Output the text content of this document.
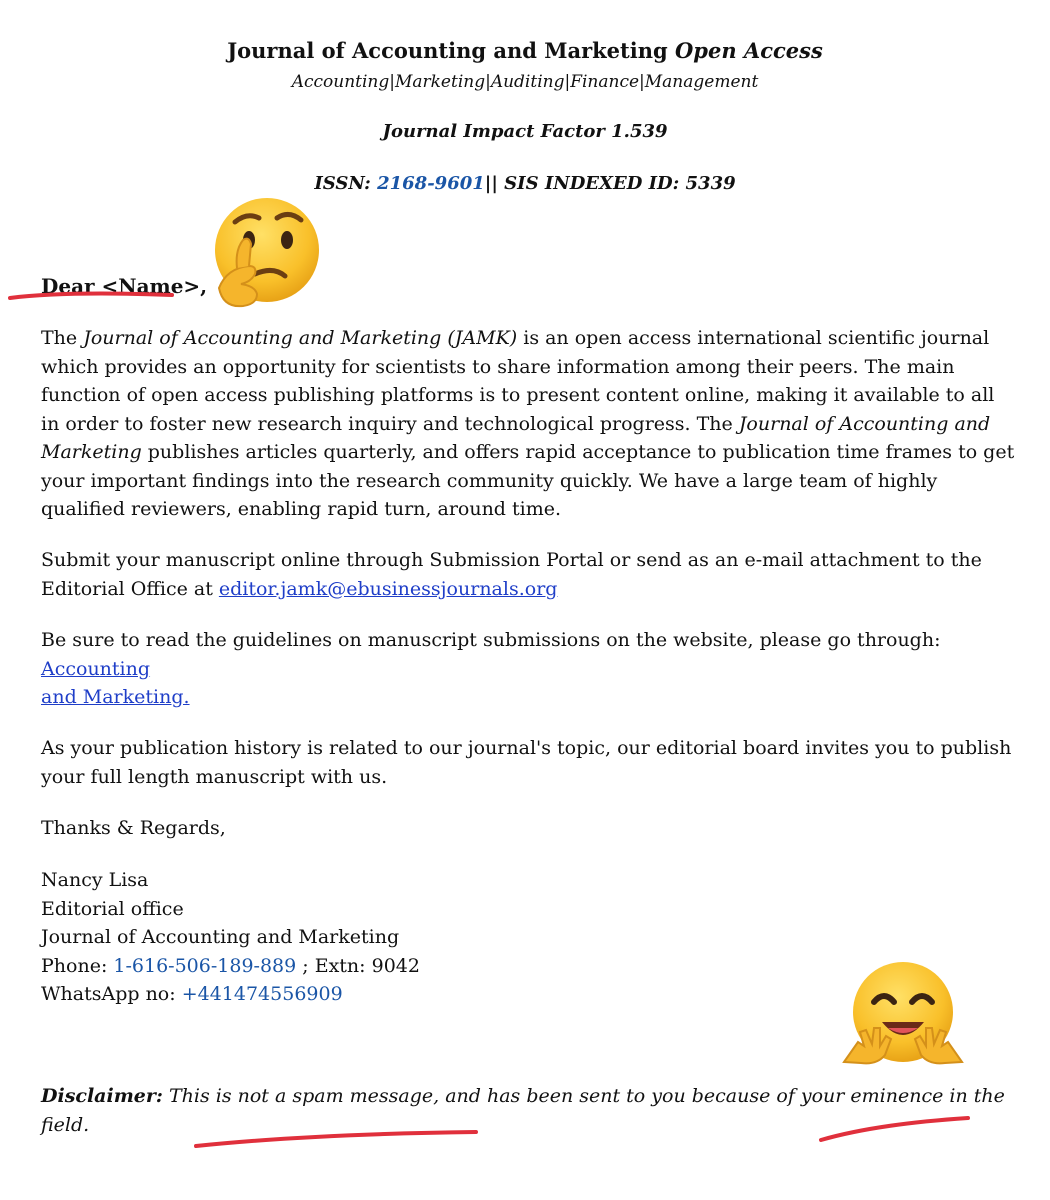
Journal of Accounting and Marketing Open Access
Accounting|Marketing|Auditing|Finance|Management
Journal Impact Factor 1.539
ISSN: 2168-9601|| SIS INDEXED ID: 5339
Dear <Name>,
The Journal of Accounting and Marketing (JAMK) is an open access international scientific journal which provides an opportunity for scientists to share information among their peers. The main function of open access publishing platforms is to present content online, making it available to all in order to foster new research inquiry and technological progress. The Journal of Accounting and Marketing publishes articles quarterly, and offers rapid acceptance to publication time frames to get your important findings into the research community quickly. We have a large team of highly qualified reviewers, enabling rapid turn, around time.
Submit your manuscript online through Submission Portal or send as an e-mail attachment to the Editorial Office at editor.jamk@ebusinessjournals.org
Be sure to read the guidelines on manuscript submissions on the website, please go through:
Accounting
and Marketing.
As your publication history is related to our journal's topic, our editorial board invites you to publish your full length manuscript with us.
Thanks & Regards,
Nancy Lisa
Editorial office
Journal of Accounting and Marketing
Phone: 1-616-506-189-889 ; Extn: 9042
WhatsApp no: +441474556909
Disclaimer: This is not a spam message, and has been sent to you because of your eminence in the field.
